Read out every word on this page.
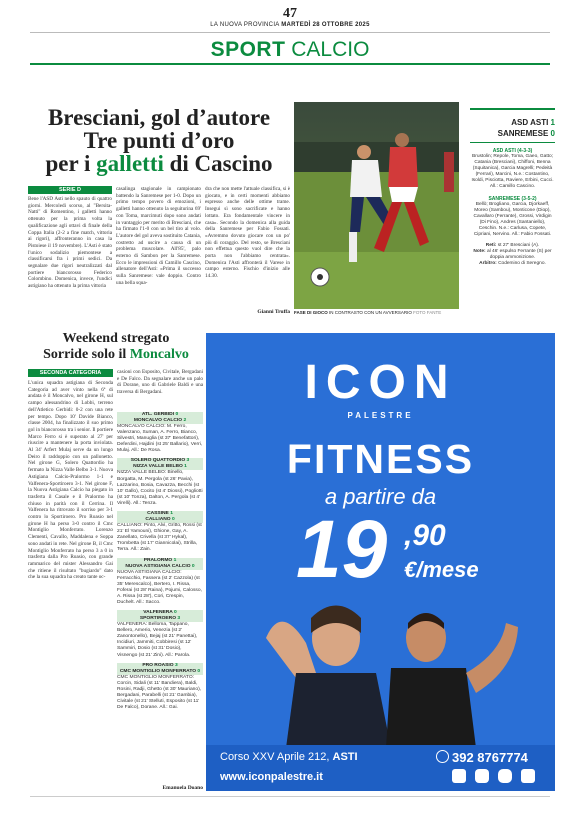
47
LA NUOVA PROVINCIA MARTEDÌ 28 OTTOBRE 2025
SPORT CALCIO
Bresciani, gol d’autore
Tre punti d’oro
per i galletti di Cascino
SERIE D
Bene l'ASD Asti nello spauto di quattro giorni. Mercoledì scorso, al "Bersita-Natti" di Romentino, i galletti hanno ottenuto per la prima volta la qualificazione agli ottavi di finale della Coppa Italia (2-2 a fine match, vittoria ai rigori), affronteranno in casa la Pistoiese il 19 novembre). L'Asti è stato l'unico sodalizio piemontese a classificarsi fra i primi sedici. Da segnalare due rigori neutralizzati dal portiere biancorosso Federico Colombino. Domenica, invece, l'undici astigiano ha ottenuto la prima vittoria
casalinga stagionale in campionato battendo la Sanremese per 1-0. Dopo un primo tempo povero di emozioni, i galletti hanno ottenuto la seguiturina 69' con Toma, marcimuti dopo sono andati in vantaggio per merito di Bresciani, che ha firmato l'1-0 con un bel tiro al volo. L'autore del gol aveva sostituito Catania, costretto ad uscire a causa di un problema muscolare. All'85', palo esterno di Sambon per la Sanremese. Ecco le impressioni di Camillo Cascino, allenatore dell'Asti: «Prima il successo sulla Sanremese: vale doppio. Contro una bella squa-
dra che non mette l'attuale classifica, si è giocato, e in certi momenti abbiamo espresso anche delle ottime trame. Insegui sì sono sacrificate e hanno lottato. Era fondamentale vincere in casa». Secondo la domenica alla guida della Sanremese per Fabio Fossati. «Avremmo dovuto giocare con un po' più di coraggio. Del resto, se Bresciani non effettua questo vuol dire che la porta non l'abbiamo centrata». Domenica l'Asti affronterà il Varese in campo esterno. Fischio d'inizio alle 14.30.
Gianni Truffa FASE DI GIOCO IN CONTRASTO CON UN AVVERSARIO FOTO FANTE
ASD ASTI 1
SANREMESE 0
ASD ASTI (4-3-3)
Brustolin; Repole, Toma, Gaeo, Gatto; Catania (Bresciani), Chiffoni, Benna (Squitanica), Garcia Magrelli; Pedeità (Ferrari), Marcini, N.e.: Costantino, Isoldi, Pisciotta, Raviere, Erbini, Cucci. All.: Camillo Cascino.
SANREMESE (3-5-2)
Bellò; Brogliano, Garcia, Djorkaeff, Moreo (Sambou), Monticone (Diop), Cavallaro (Ferrante), Grossi, Virdigin (Di Fino), Andres (Santaniello), Ceschin. N.e.: Carlusa, Copete, Cipriani, Nervino. All.: Fabio Fossati.
Reti: st 27' Bresciani (A).
Note: al 46' espulso Ferrante (S) per doppia ammonizione.
Arbitro: Codemino di Seregno.
Weekend stregato
Sorride solo il Moncalvo
SECONDA CATEGORIA
L'unica squadra astigiana di Seconda Categoria ad aver vinto nella 6ª di andata è il Moncalvo, nel girone H, sul campo alessandrino di Lobbi, terreno dell'Atletico Gerbidi: 0-2 con una rete per tempo. Dopo 10' Davide Bianco, classe 2004, ha finalizzato il suo primo gol in biancorosso tra i senior. Il portiere Marco Ferro si è superato al 27' per riuscire a mantenere la porta inviolata. Al 34' Arfert Mulaj serve da un lungo Deiro il raddoppio con un pallonetto. Nel girone G, Solero Quattordio ha fermato la Nizza Valle Belbo 3-1. Nuova Astigiana Calcio-Pralormo 1-1 e Valfenera-Sportiroero 3-1. Nel girone F, la Nuova Astigiana Calcio ha piegato in trasferta il Casale e il Pralormo ha chiuso in parità con il Cerrina. Il Valfenera ha ritrovato il sorriso per 3-1 contro lo Sportiroero. Pro Roasio nel girone H ha perso 3-0 contro il Cmc Montiglio Monferrato. Lorenzo Clementi, Cavallo, Maddalena e Soppa sono andati in rete. Nel girone B, il Cmc Montiglio Monferrato ha perso 3 a 0 in trasferta dalla Pro Roasio, con grande rammarico del mister Alessandro Gai che ritiene il risultato "bugiardo" dato che la sua squadra ha creato tante oc-
casioni con Esposito, Civitale, Bergadani e De Falco. Da segnalare anche un palo di Dorane, uno di Gabriele Baldi e una traversa di Bergadani.
ATL. GERBIDI 0
MONCALVO CALCIO 2
MONCALVO CALCIO: M. Ferro, Valenzano, Suman, A. Ferro, Bianco, Silvestri, Manuglia (st 37' Benefattori), Deferdini, Hajdini (st 25' Ballario), Verri, Mulaj. All.: De Rosa.
SOLERO QUATTORDIO 3
NIZZA VALLE BELBO 1
NIZZA VALLE BELBO: Binello, Borgatta, M. Pergola (st 26' Pavia), Lazzarino, Bosia, Cavazza, Becchi (st 10' Gallo), Cocito (st 4' Diossi), Pogliotti (st 10' Tonza), Dalton, A. Pergola (st 4' Virelli). All.: Tenza.
CASSINE 1
CALLIANO 0
CALLIANO: Pinto, Alvi, Gritto, Rossi (st 21' El Yamouni), Ghione, Gay, A. Zanellato, Crivella (st 37' Hykal), Trombetta (st 17' Giannicolai), Strilla, Terra. All.: Zain.
PRALORMO 1
NUOVA ASTIGIANA CALCIO 0
NUOVA ASTIGIANA CALCIO: Ferracchio, Fassera (st 2' Cazzola) (st 35' Merescalco), Bertero, I. Rissa, Foferai (st 28' Raina), Pojumi, Calosso, A. Rissa (st 28'), Cori, Crespin, Duchelt. All.: Sacco.
VALFENERA 0
SPORTIROERO 3
VALFENERA: Belloma, Tappano, Bellero, Amerio, Venezia (st 2' Zanontonello), Bejaj (st 21' Panettai), Incidiuri, Jammiti, Cobbiresi (st 12' Sammiri, Dosio (st 31' Dosio), Visnengo (st 21' Zini). All.: Parola.
PRO ROASIO 3
CMC MONTIGLIO MONFERRATO 0
CMC MONTIGLIO MONFERRATO: Corcin, Sidali (st 11' Bandiera), Baldi, Rosini, Radji, Ghetto (st 30' Mauriano), Bergadani, Parabelli (st 21' Gambia), Civitale (st 21' Stelluti, Esposito (st 11' De Falco), Dorane. All.: Gai.
Emanuela Doano
ICON
PALESTRE
FITNESS
a partire da
19 ,90
€/mese
Corso XXV Aprile 212, ASTI	392 8767774
www.iconpalestre.it
